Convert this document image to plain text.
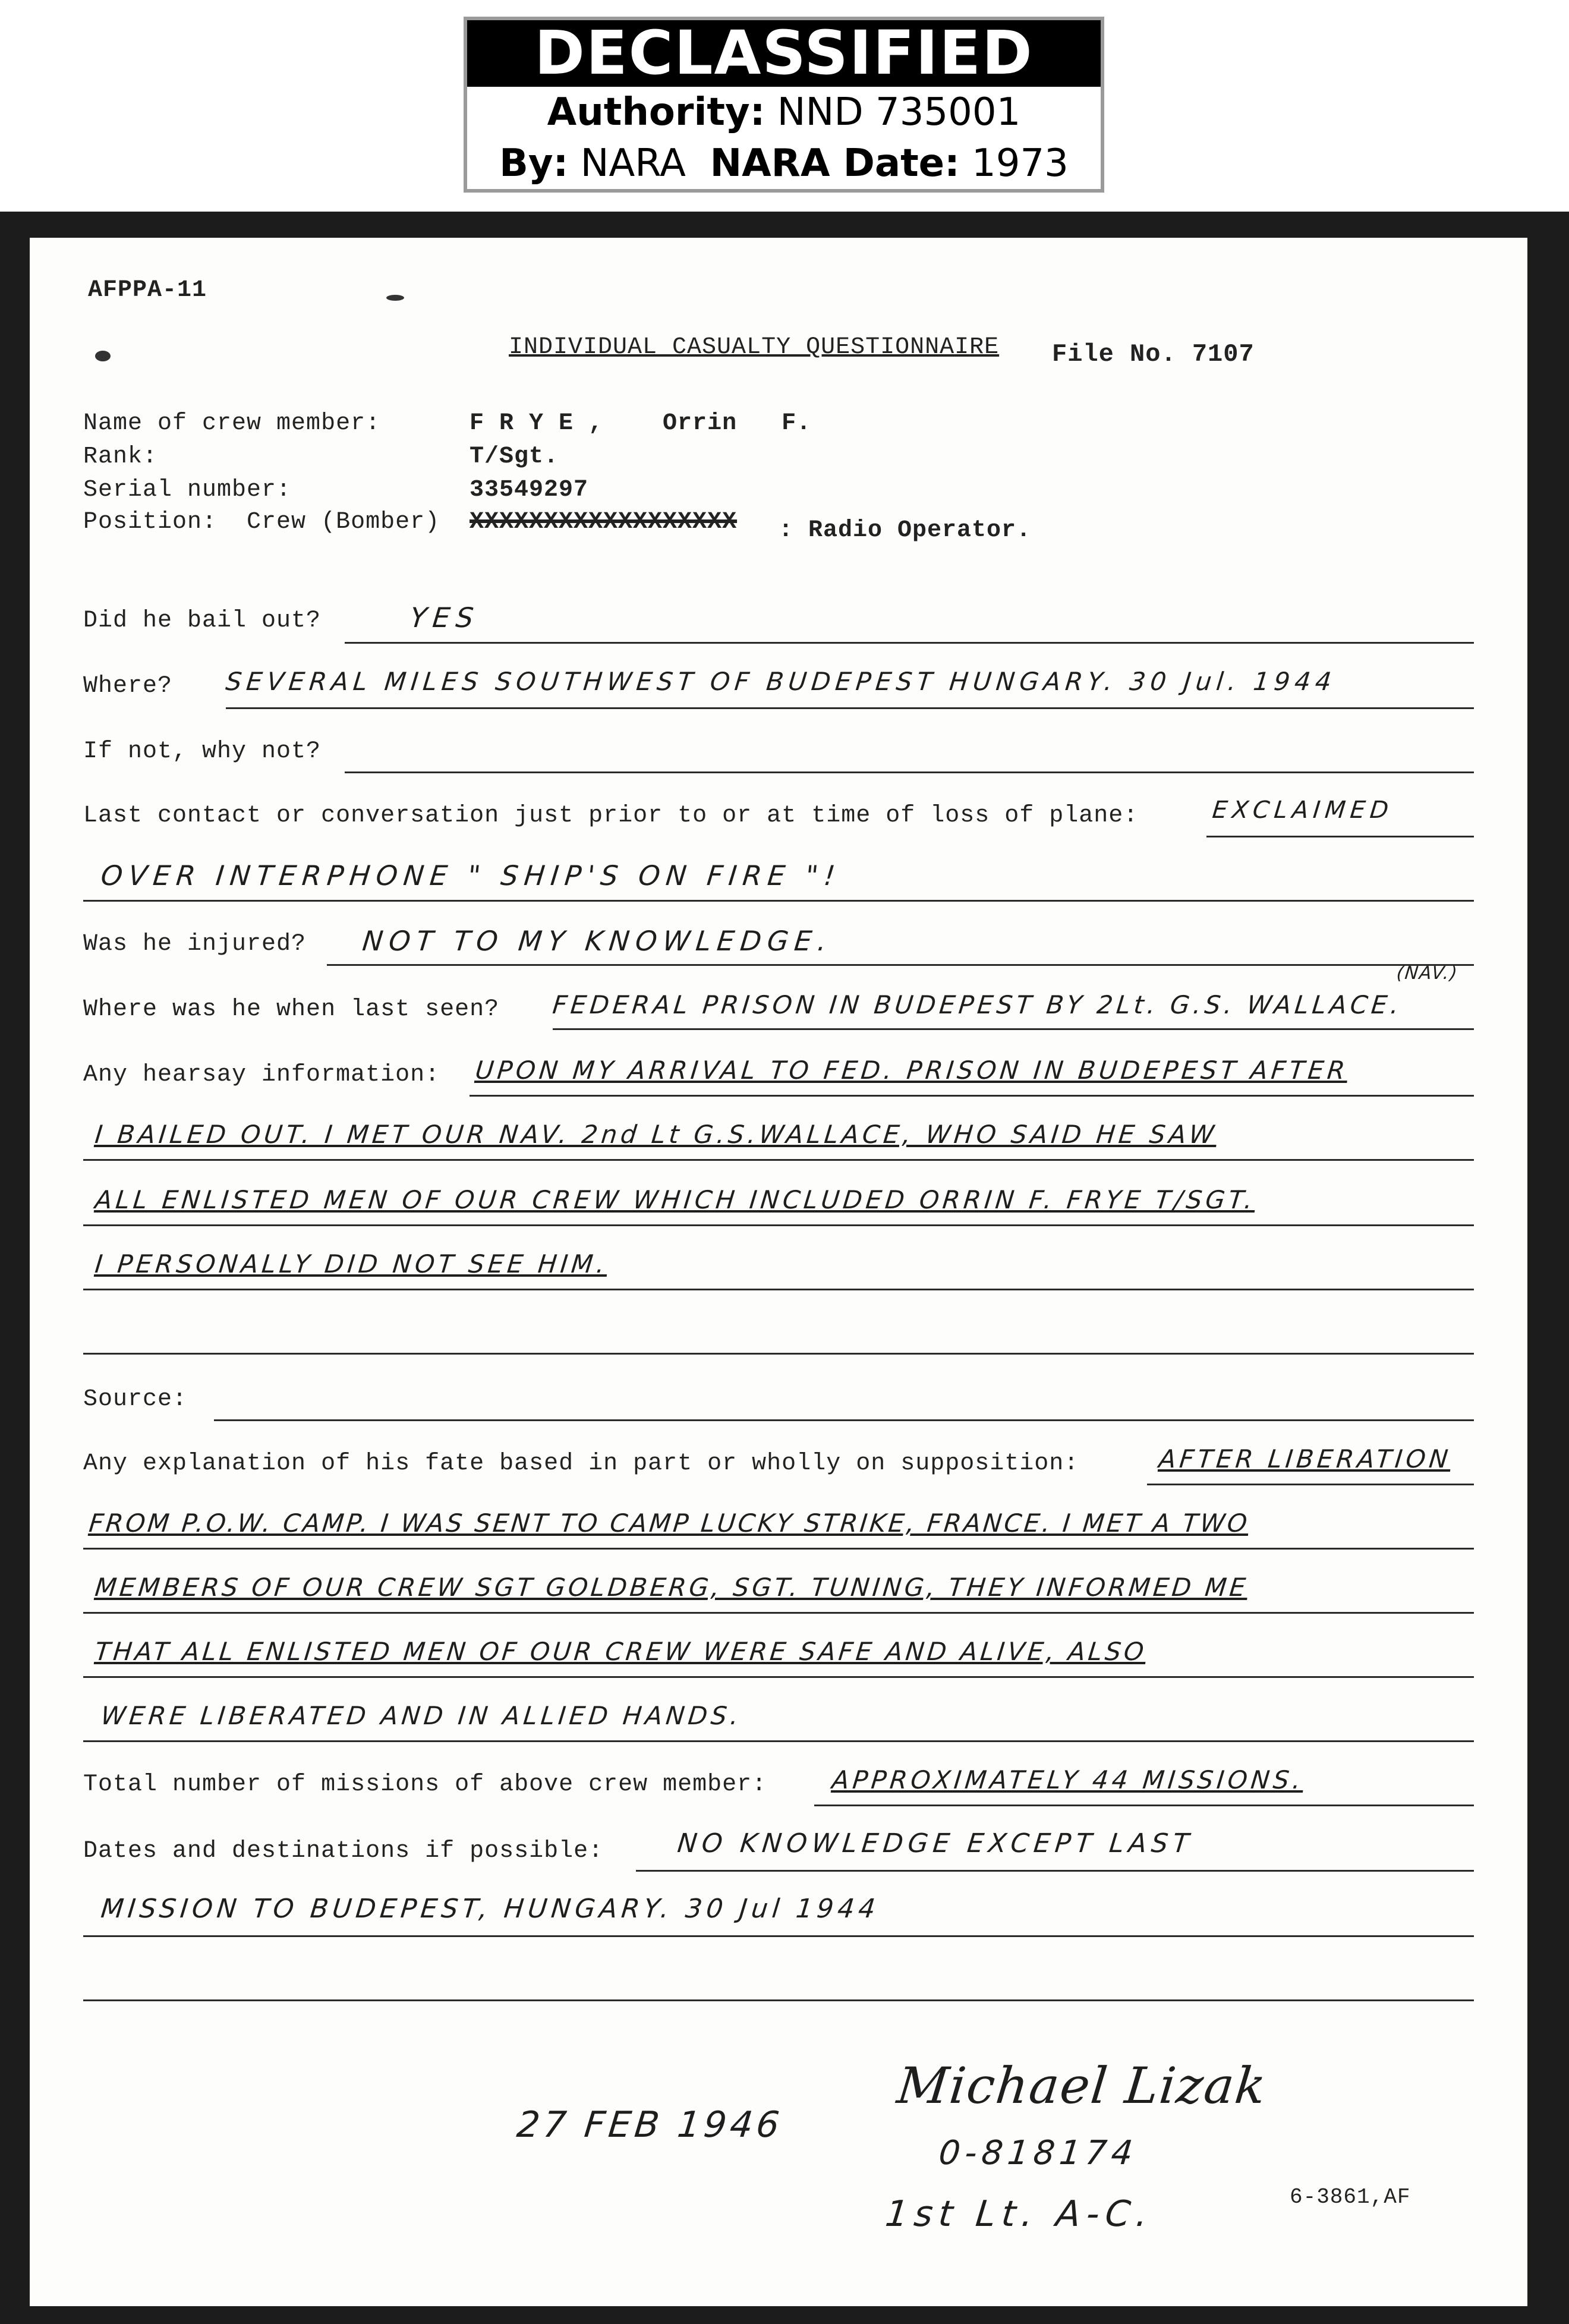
DECLASSIFIED
Authority: NND 735001
By: NARA NARA Date: 1973
AFPPA-11
INDIVIDUAL CASUALTY QUESTIONNAIRE File No. 7107
Name of crew member:	F R Y E ,    Orrin   F.
Rank:	T/Sgt.
Serial number:	33549297
Position:  Crew (Bomber) XXXXXXXXXXXXXXXXXX : Radio Operator.
Did he bail out?	YES
Where? SEVERAL MILES SOUTHWEST OF BUDEPEST HUNGARY. 30 Jul. 1944
If not, why not?
Last contact or conversation just prior to or at time of loss of plane:	EXCLAIMED
OVER INTERPHONE " SHIP'S ON FIRE "!
Was he injured? NOT TO MY KNOWLEDGE.
Where was he when last seen? FEDERAL PRISON IN BUDEPEST BY 2Lt. G.S. WALLACE.
(NAV.)
Any hearsay information: UPON MY ARRIVAL TO FED. PRISON IN BUDEPEST AFTER
I BAILED OUT. I MET OUR NAV. 2nd Lt G.S.WALLACE, WHO SAID HE SAW
ALL ENLISTED MEN OF OUR CREW WHICH INCLUDED ORRIN F. FRYE T/SGT.
I PERSONALLY DID NOT SEE HIM.
Source:
Any explanation of his fate based in part or wholly on supposition:	AFTER LIBERATION
FROM P.O.W. CAMP. I WAS SENT TO CAMP LUCKY STRIKE, FRANCE. I MET A TWO
MEMBERS OF OUR CREW SGT GOLDBERG, SGT. TUNING, THEY INFORMED ME
THAT ALL ENLISTED MEN OF OUR CREW WERE SAFE AND ALIVE, ALSO
WERE LIBERATED AND IN ALLIED HANDS.
Total number of missions of above crew member:	APPROXIMATELY 44 MISSIONS.
Dates and destinations if possible:	NO KNOWLEDGE EXCEPT LAST
MISSION TO BUDEPEST, HUNGARY. 30 Jul 1944
27 FEB 1946
Michael Lizak
0-818174
1st Lt. A-C.	6-3861,AF
